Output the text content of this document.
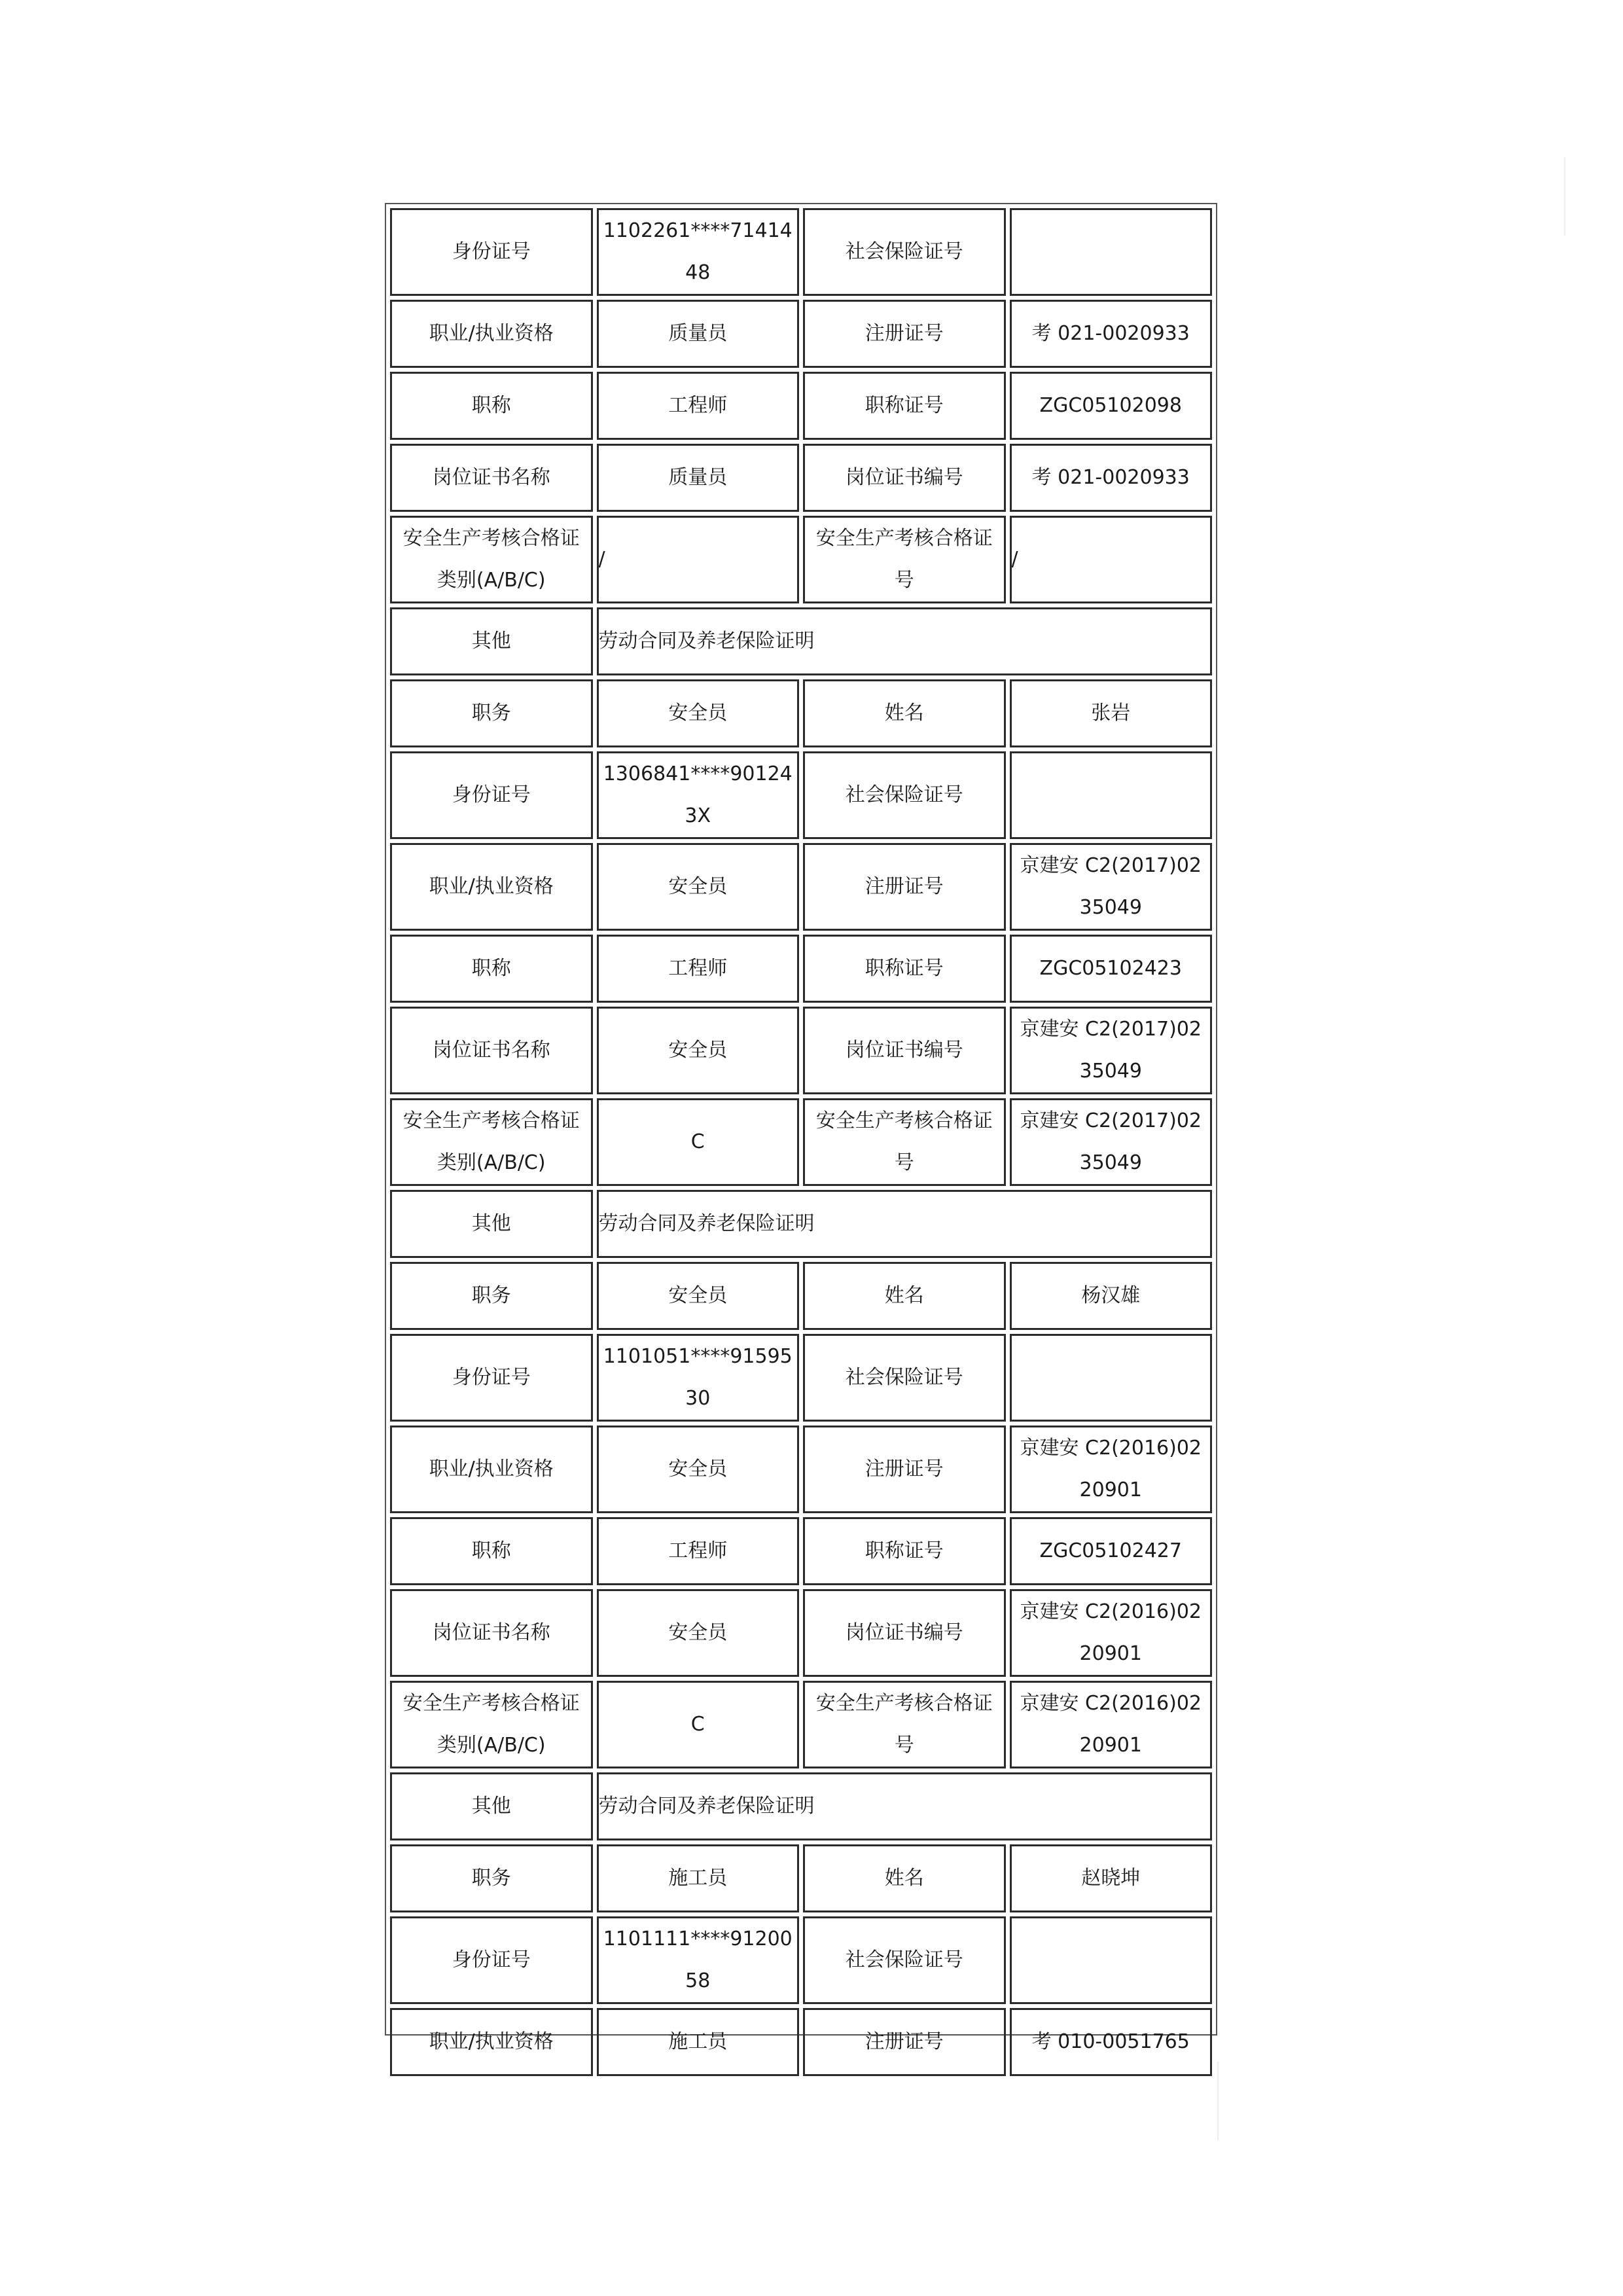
身份证号	1102261****7141448	社会保险证号	
职业/执业资格	质量员	注册证号	考 021-0020933
职称	工程师	职称证号	ZGC05102098
岗位证书名称	质量员	岗位证书编号	考 021-0020933
安全生产考核合格证类别(A/B/C)	/	安全生产考核合格证号	/
其他	劳动合同及养老保险证明		
职务	安全员	姓名	张岩
身份证号	1306841****901243X	社会保险证号	
职业/执业资格	安全员	注册证号	京建安 C2(2017)0235049
职称	工程师	职称证号	ZGC05102423
岗位证书名称	安全员	岗位证书编号	京建安 C2(2017)0235049
安全生产考核合格证类别(A/B/C)	C	安全生产考核合格证号	京建安 C2(2017)0235049
其他	劳动合同及养老保险证明		
职务	安全员	姓名	杨汉雄
身份证号	1101051****9159530	社会保险证号	
职业/执业资格	安全员	注册证号	京建安 C2(2016)0220901
职称	工程师	职称证号	ZGC05102427
岗位证书名称	安全员	岗位证书编号	京建安 C2(2016)0220901
安全生产考核合格证类别(A/B/C)	C	安全生产考核合格证号	京建安 C2(2016)0220901
其他	劳动合同及养老保险证明		
职务	施工员	姓名	赵晓坤
身份证号	1101111****9120058	社会保险证号	
职业/执业资格	施工员	注册证号	考 010-0051765
